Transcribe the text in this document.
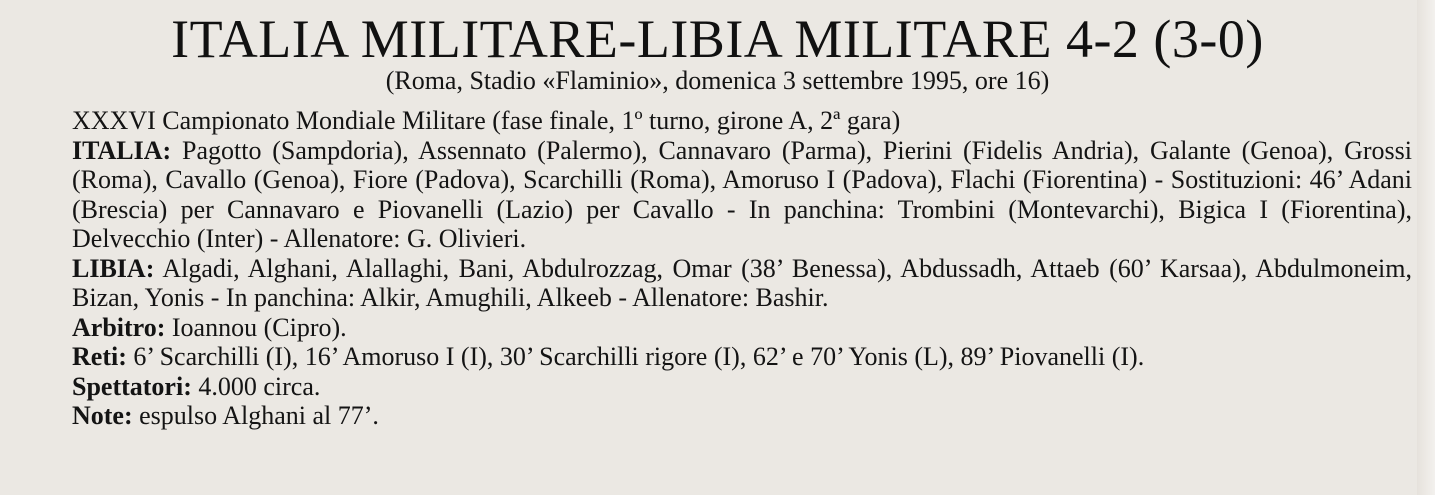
ITALIA MILITARE-LIBIA MILITARE 4-2 (3-0)
(Roma, Stadio «Flaminio», domenica 3 settembre 1995, ore 16)

XXXVI Campionato Mondiale Militare (fase finale, 1º turno, girone A, 2ª gara)

ITALIA: Pagotto (Sampdoria), Assennato (Palermo), Cannavaro (Parma), Pierini (Fidelis Andria), Galante (Genoa), Grossi (Roma), Cavallo (Genoa), Fiore (Padova), Scarchilli (Roma), Amoruso I (Padova), Flachi (Fiorentina) - Sostituzioni: 46’ Adani (Brescia) per Cannavaro e Piovanelli (Lazio) per Cavallo - In panchina: Trombini (Montevarchi), Bigica I (Fiorentina), Delvecchio (Inter) - Allenatore: G. Olivieri.

LIBIA: Algadi, Alghani, Alallaghi, Bani, Abdulrozzag, Omar (38’ Benessa), Abdussadh, Attaeb (60’ Karsaa), Abdulmoneim, Bizan, Yonis - In panchina: Alkir, Amughili, Alkeeb - Allenatore: Bashir.

Arbitro: Ioannou (Cipro).

Reti: 6’ Scarchilli (I), 16’ Amoruso I (I), 30’ Scarchilli rigore (I), 62’ e 70’ Yonis (L), 89’ Piovanelli (I).

Spettatori: 4.000 circa.

Note: espulso Alghani al 77’.
